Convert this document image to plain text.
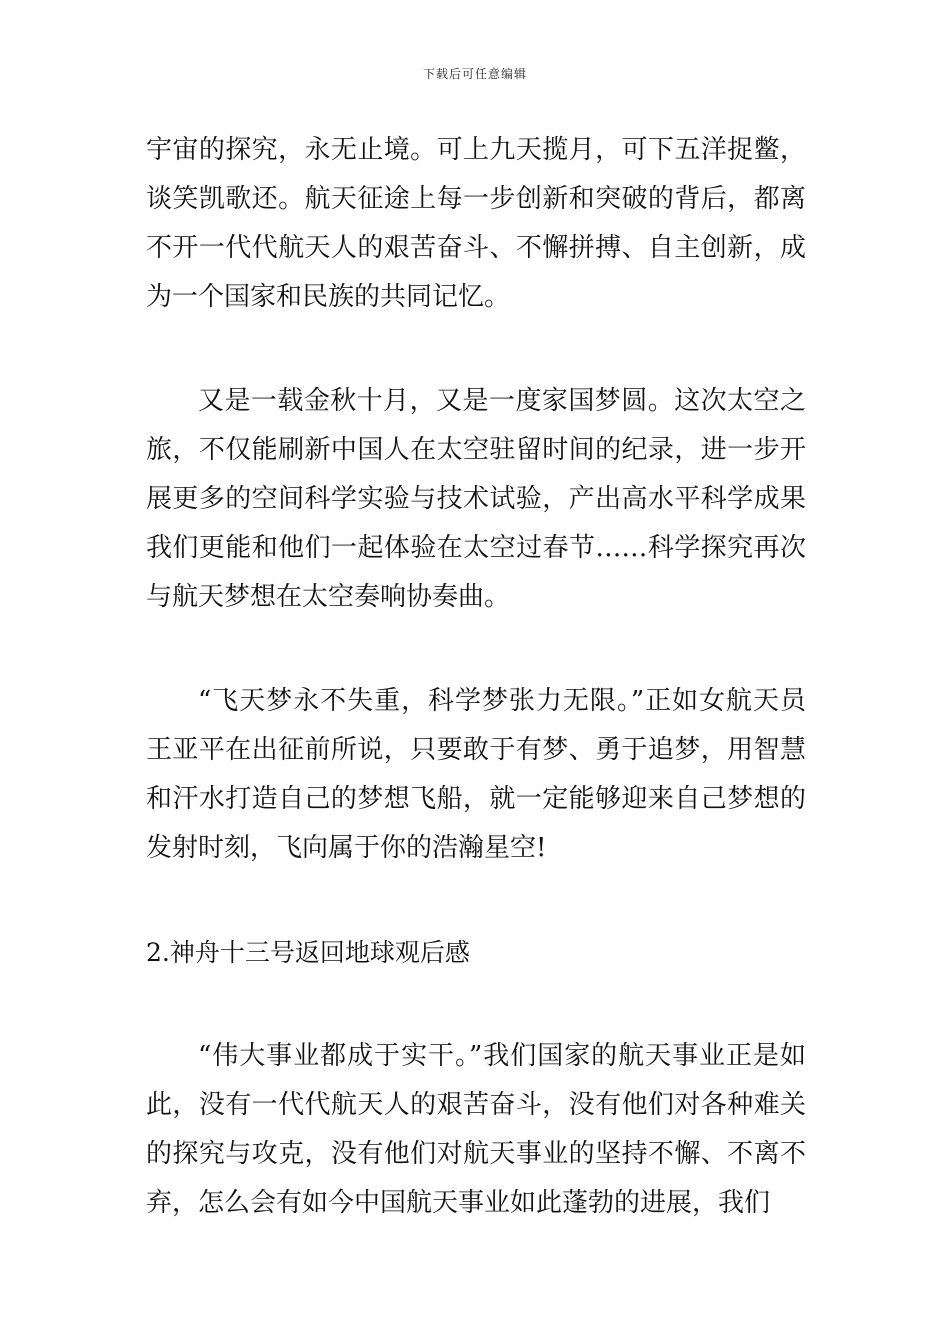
下载后可任意编辑

宇宙的探究，永无止境。可上九天揽月，可下五洋捉鳖，谈笑凯歌还。航天征途上每一步创新和突破的背后，都离不开一代代航天人的艰苦奋斗、不懈拼搏、自主创新，成为一个国家和民族的共同记忆。

又是一载金秋十月，又是一度家国梦圆。这次太空之旅，不仅能刷新中国人在太空驻留时间的纪录，进一步开展更多的空间科学实验与技术试验，产出高水平科学成果我们更能和他们一起体验在太空过春节……科学探究再次与航天梦想在太空奏响协奏曲。

“飞天梦永不失重，科学梦张力无限。”正如女航天员王亚平在出征前所说，只要敢于有梦、勇于追梦，用智慧和汗水打造自己的梦想飞船，就一定能够迎来自己梦想的发射时刻，飞向属于你的浩瀚星空!

2.神舟十三号返回地球观后感

“伟大事业都成于实干。”我们国家的航天事业正是如此，没有一代代航天人的艰苦奋斗，没有他们对各种难关的探究与攻克，没有他们对航天事业的坚持不懈、不离不弃，怎么会有如今中国航天事业如此蓬勃的进展，我们
